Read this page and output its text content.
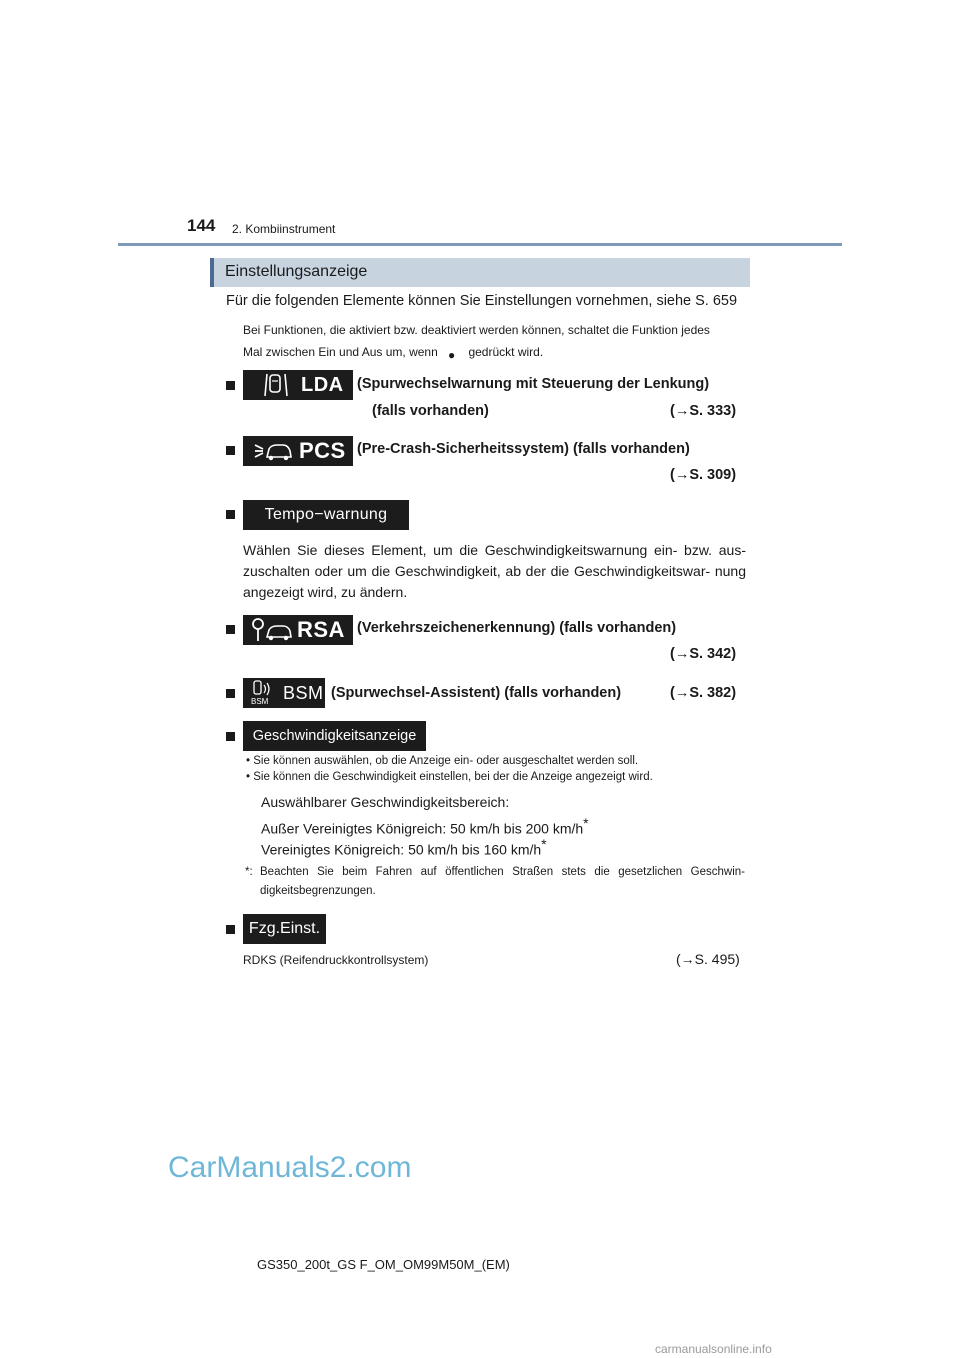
144 2. Kombiinstrument
Einstellungsanzeige
Für die folgenden Elemente können Sie Einstellungen vornehmen, siehe S. 659
Bei Funktionen, die aktiviert bzw. deaktiviert werden können, schaltet die Funktion jedes
Mal zwischen Ein und Aus um, wenn ● gedrückt wird.
LDA (Spurwechselwarnung mit Steuerung der Lenkung)
(falls vorhanden)	(→S. 333)
PCS (Pre-Crash-Sicherheitssystem) (falls vorhanden)
(→S. 309)
Tempo−warnung
Wählen Sie dieses Element, um die Geschwindigkeitswarnung ein- bzw. aus- zuschalten oder um die Geschwindigkeit, ab der die Geschwindigkeitswar- nung angezeigt wird, zu ändern.
RSA (Verkehrszeichenerkennung) (falls vorhanden)
(→S. 342)
BSM BSM (Spurwechsel-Assistent) (falls vorhanden)	(→S. 382)
Geschwindigkeitsanzeige
• Sie können auswählen, ob die Anzeige ein- oder ausgeschaltet werden soll.
• Sie können die Geschwindigkeit einstellen, bei der die Anzeige angezeigt wird.
Auswählbarer Geschwindigkeitsbereich:
Außer Vereinigtes Königreich: 50 km/h bis 200 km/h*
Vereinigtes Königreich: 50 km/h bis 160 km/h*
*: Beachten Sie beim Fahren auf öffentlichen Straßen stets die gesetzlichen Geschwin- digkeitsbegrenzungen.
Fzg.Einst.
RDKS (Reifendruckkontrollsystem)	(→S. 495)
CarManuals2.com
GS350_200t_GS F_OM_OM99M50M_(EM)
carmanualsonline.info
